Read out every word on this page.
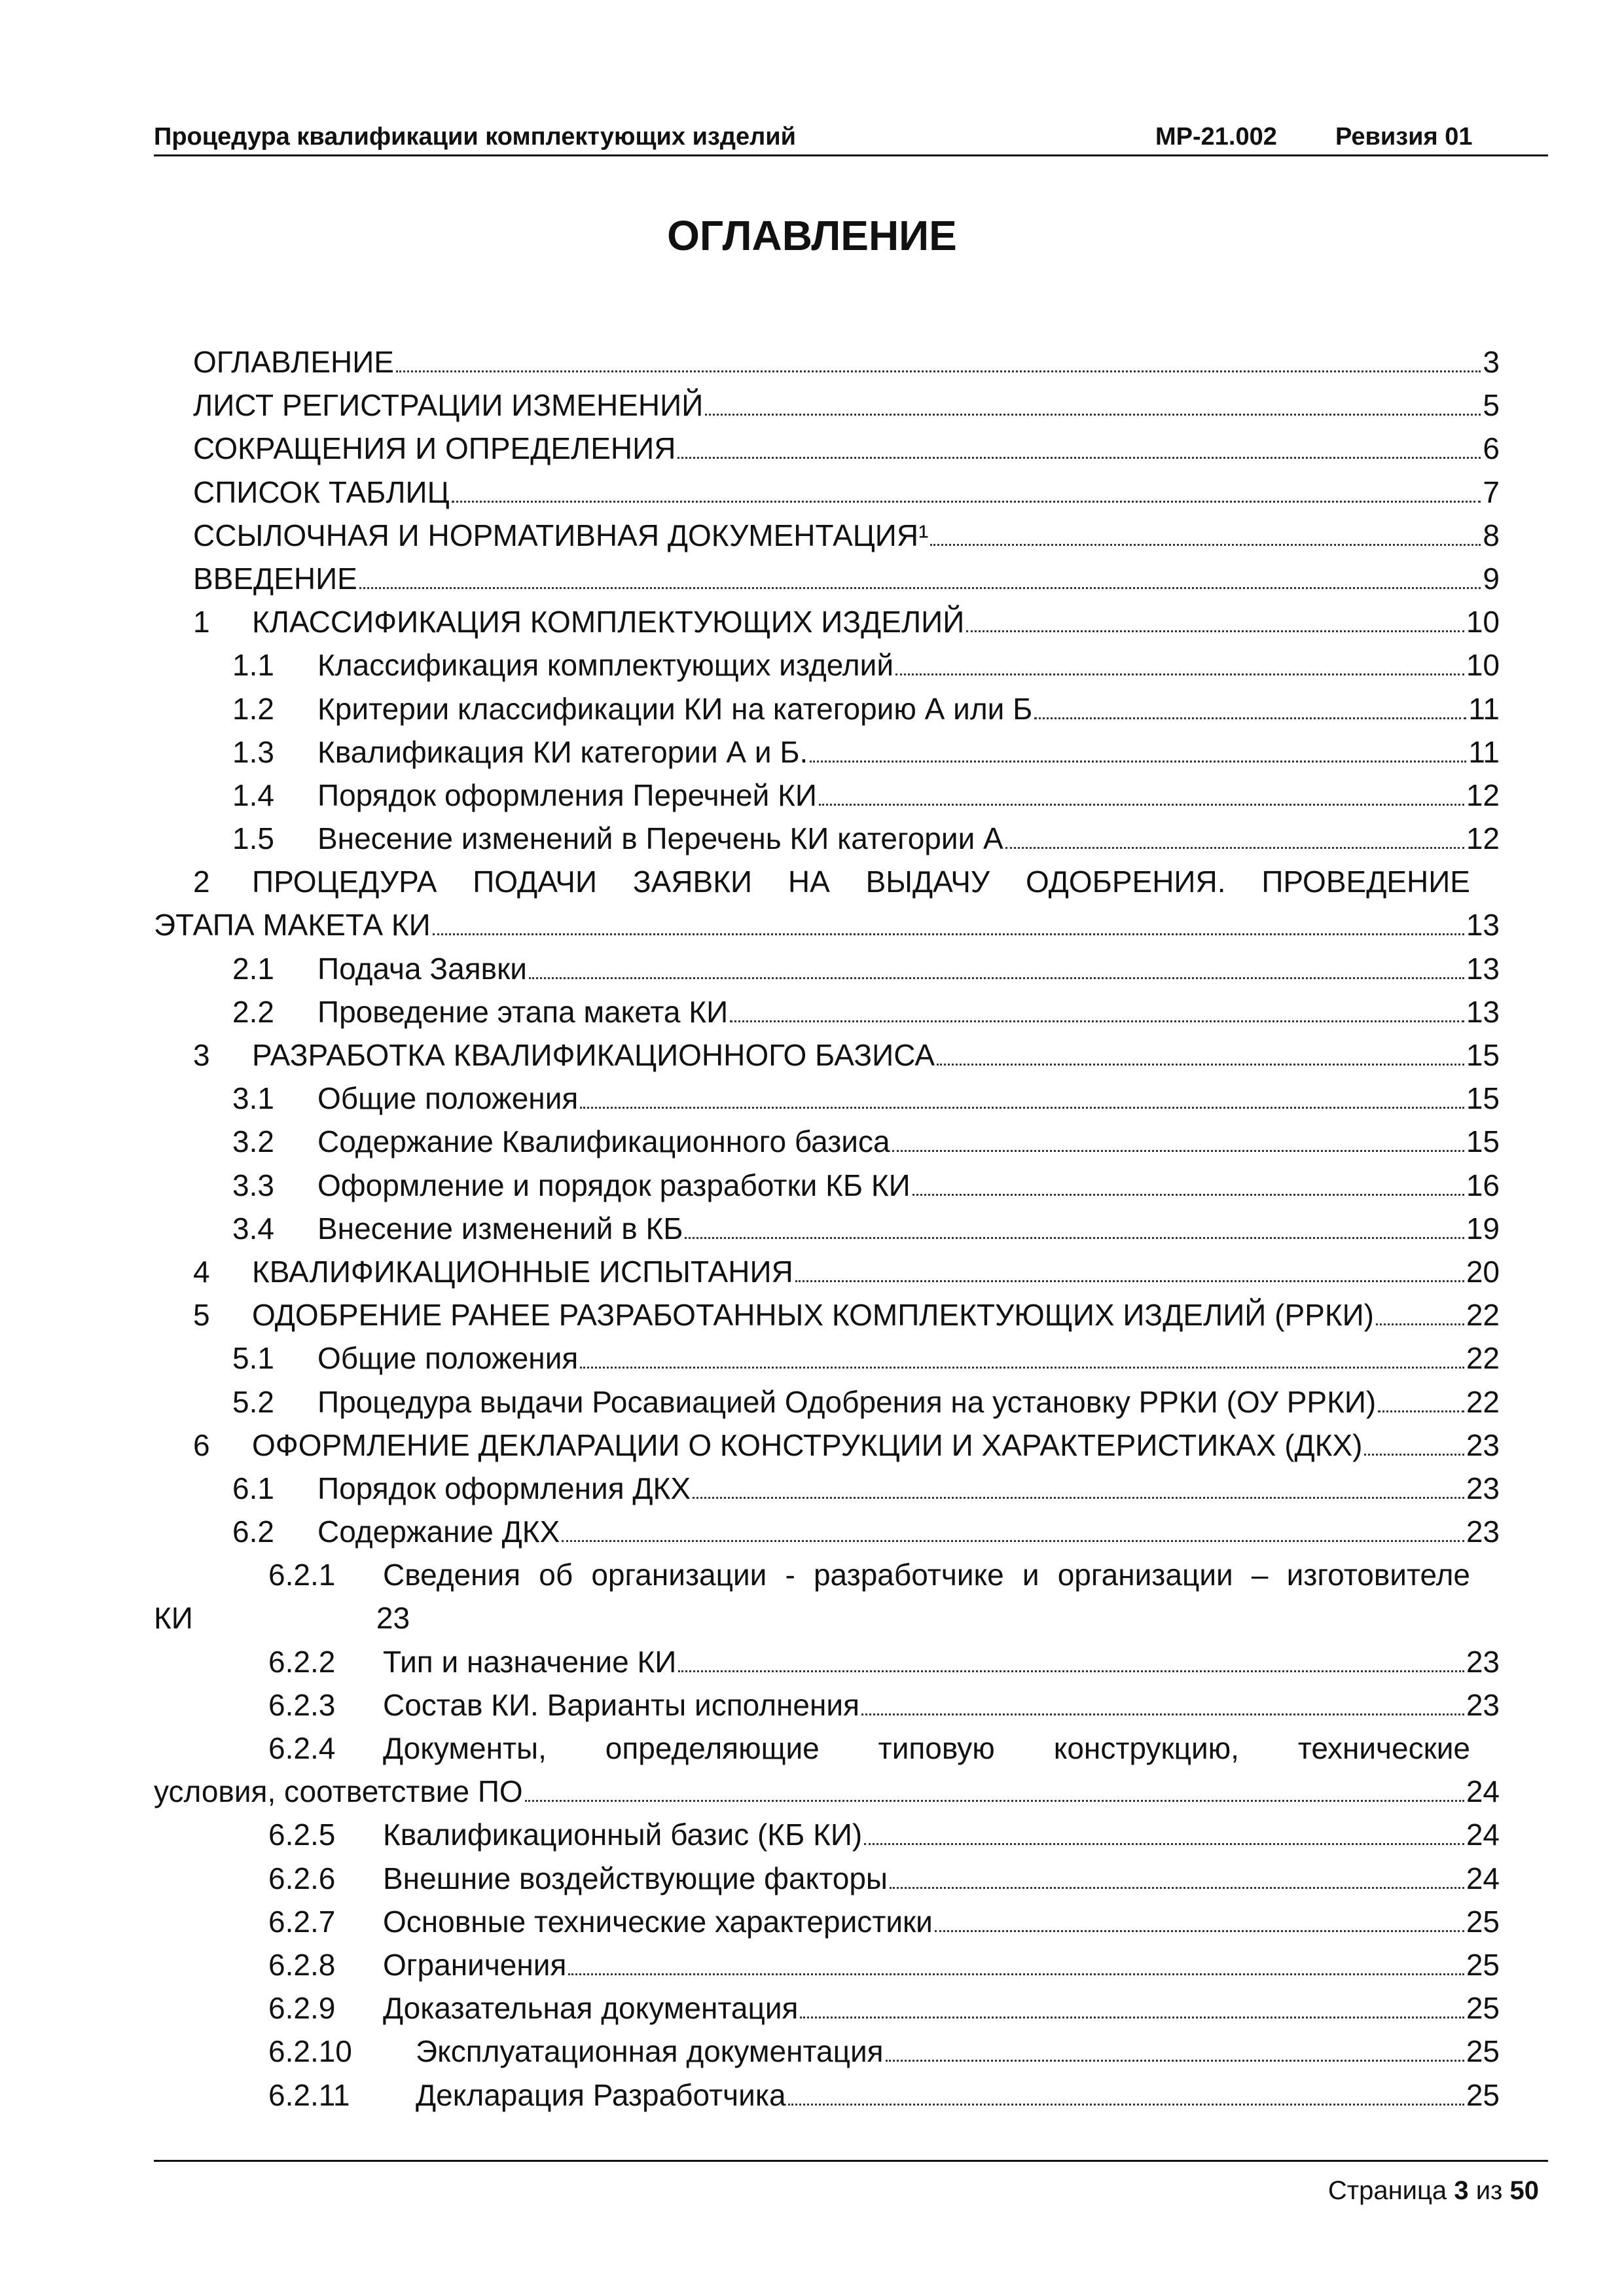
Процедура квалификации комплектующих изделий	МР-21.002 Ревизия 01
ОГЛАВЛЕНИЕ
ОГЛАВЛЕНИЕ	3
ЛИСТ РЕГИСТРАЦИИ ИЗМЕНЕНИЙ	5
СОКРАЩЕНИЯ И ОПРЕДЕЛЕНИЯ	6
СПИСОК ТАБЛИЦ	7
ССЫЛОЧНАЯ И НОРМАТИВНАЯ ДОКУМЕНТАЦИЯ¹	8
ВВЕДЕНИЕ	9
1 КЛАССИФИКАЦИЯ КОМПЛЕКТУЮЩИХ ИЗДЕЛИЙ	10
1.1 Классификация комплектующих изделий	10
1.2 Критерии классификации КИ на категорию А или Б	11
1.3 Квалификация КИ категории А и Б.	11
1.4 Порядок оформления Перечней КИ	12
1.5 Внесение изменений в Перечень КИ категории А	12
2 ПРОЦЕДУРА ПОДАЧИ ЗАЯВКИ НА ВЫДАЧУ ОДОБРЕНИЯ. ПРОВЕДЕНИЕ
ЭТАПА МАКЕТА КИ	13
2.1 Подача Заявки	13
2.2 Проведение этапа макета КИ	13
3 РАЗРАБОТКА КВАЛИФИКАЦИОННОГО БАЗИСА	15
3.1 Общие положения	15
3.2 Содержание Квалификационного базиса	15
3.3 Оформление и порядок разработки КБ КИ	16
3.4 Внесение изменений в КБ	19
4 КВАЛИФИКАЦИОННЫЕ ИСПЫТАНИЯ	20
5 ОДОБРЕНИЕ РАНЕЕ РАЗРАБОТАННЫХ КОМПЛЕКТУЮЩИХ ИЗДЕЛИЙ (РРКИ)	22
5.1 Общие положения	22
5.2 Процедура выдачи Росавиацией Одобрения на установку РРКИ (ОУ РРКИ)	22
6 ОФОРМЛЕНИЕ ДЕКЛАРАЦИИ О КОНСТРУКЦИИ И ХАРАКТЕРИСТИКАХ (ДКХ)	23
6.1 Порядок оформления ДКХ	23
6.2 Содержание ДКХ	23
6.2.1 Сведения об организации - разработчике и организации – изготовителе
КИ	23
6.2.2 Тип и назначение КИ	23
6.2.3 Состав КИ. Варианты исполнения	23
6.2.4 Документы, определяющие типовую конструкцию, технические
условия, соответствие ПО	24
6.2.5 Квалификационный базис (КБ КИ)	24
6.2.6 Внешние воздействующие факторы	24
6.2.7 Основные технические характеристики	25
6.2.8 Ограничения	25
6.2.9 Доказательная документация	25
6.2.10 Эксплуатационная документация	25
6.2.11 Декларация Разработчика	25
Страница 3 из 50
